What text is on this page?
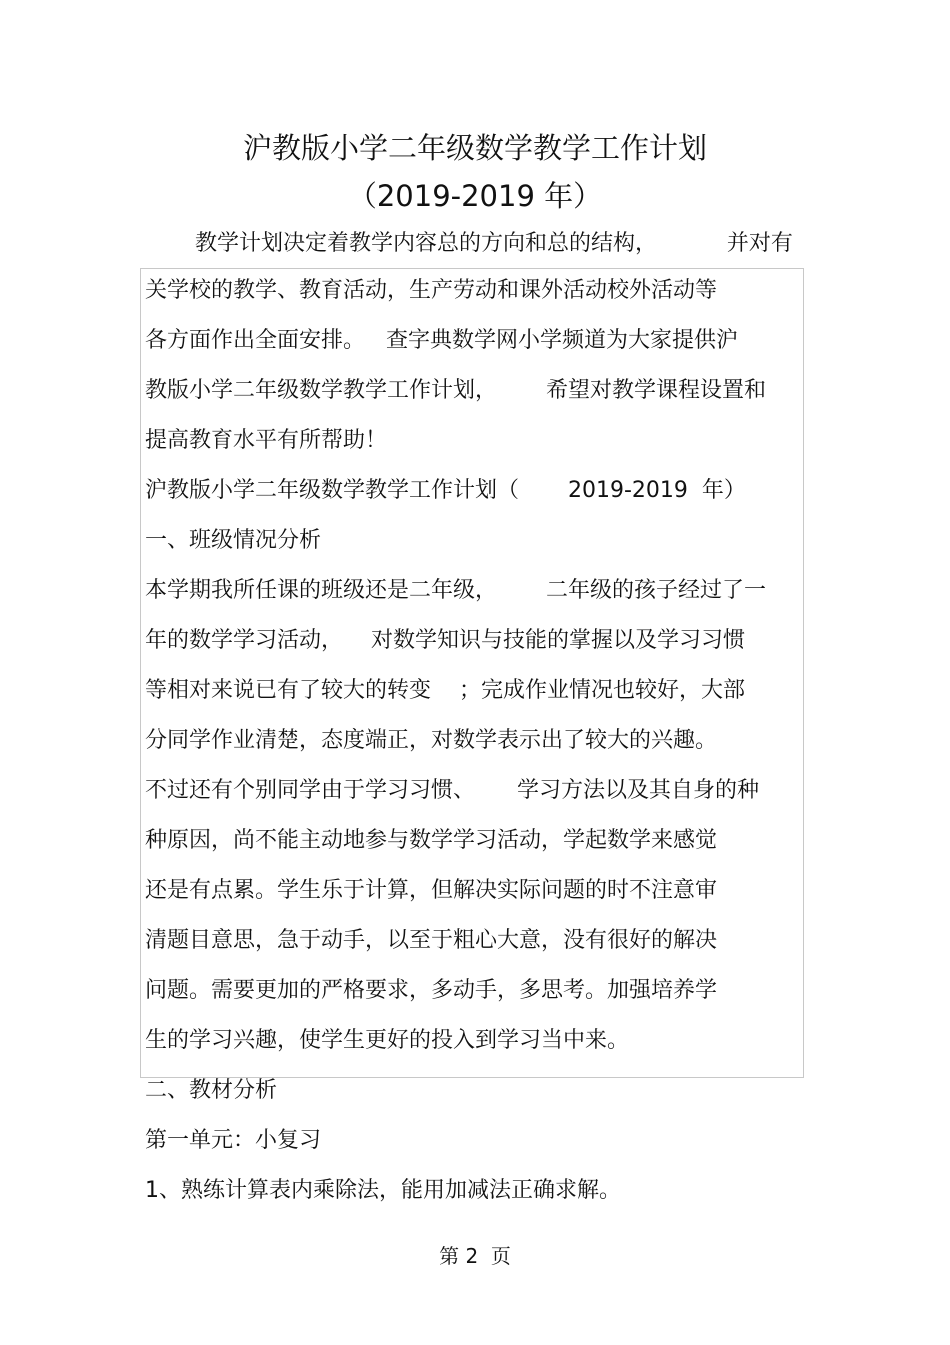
沪教版小学二年级数学教学工作计划
（2019-2019 年）
教学计划决定着教学内容总的方向和总的结构，          并对有
关学校的教学、教育活动，生产劳动和课外活动校外活动等
各方面作出全面安排。   查字典数学网小学频道为大家提供沪
教版小学二年级数学教学工作计划，       希望对教学课程设置和
提高教育水平有所帮助！
沪教版小学二年级数学教学工作计划（       2019-2019  年）
一、班级情况分析
本学期我所任课的班级还是二年级，       二年级的孩子经过了一
年的数学学习活动，    对数学知识与技能的掌握以及学习习惯
等相对来说已有了较大的转变    ；完成作业情况也较好，大部
分同学作业清楚，态度端正，对数学表示出了较大的兴趣。
不过还有个别同学由于学习习惯、      学习方法以及其自身的种
种原因，尚不能主动地参与数学学习活动，学起数学来感觉
还是有点累。学生乐于计算，但解决实际问题的时不注意审
清题目意思，急于动手，以至于粗心大意，没有很好的解决
问题。需要更加的严格要求，多动手，多思考。加强培养学
生的学习兴趣，使学生更好的投入到学习当中来。
二、教材分析
第一单元：小复习
1、熟练计算表内乘除法，能用加减法正确求解。
第 2  页
